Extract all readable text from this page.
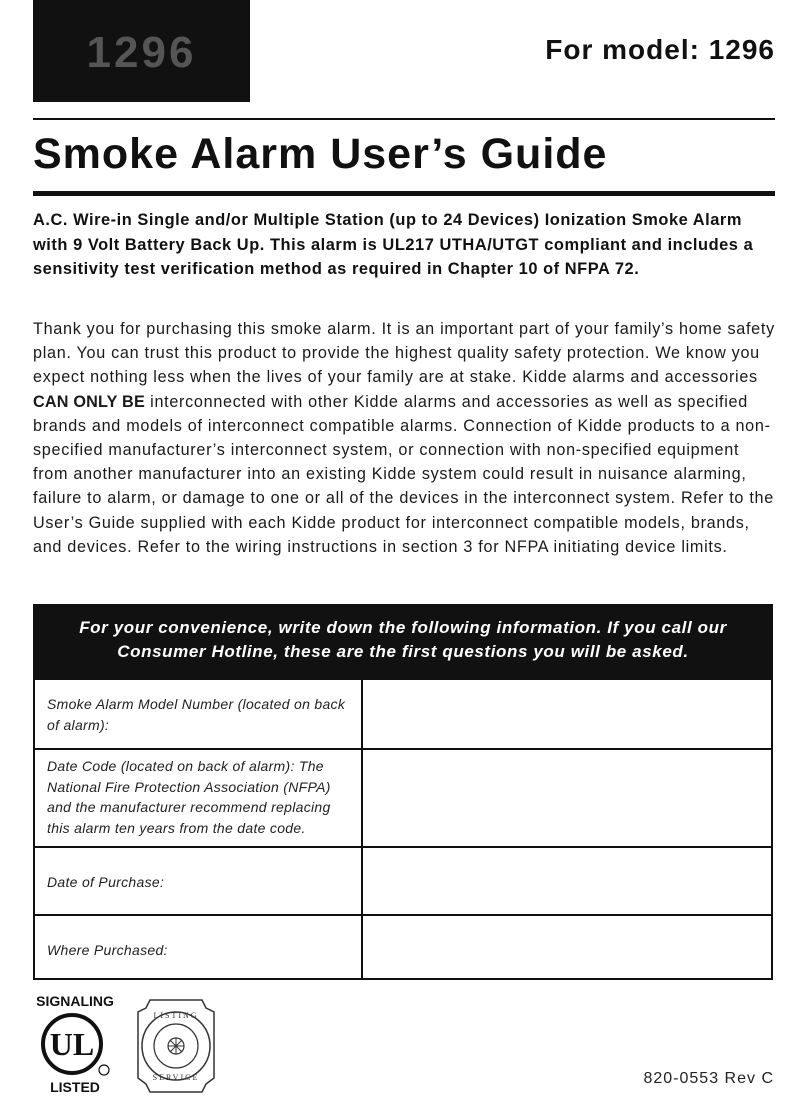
1296	For model: 1296
Smoke Alarm User’s Guide
A.C. Wire-in Single and/or Multiple Station (up to 24 Devices) Ionization Smoke Alarm with 9 Volt Battery Back Up. This alarm is UL217 UTHA/UTGT compliant and includes a sensitivity test verification method as required in Chapter 10 of NFPA 72.
Thank you for purchasing this smoke alarm. It is an important part of your family’s home safety plan. You can trust this product to provide the highest quality safety protection. We know you expect nothing less when the lives of your family are at stake. Kidde alarms and accessories CAN ONLY BE interconnected with other Kidde alarms and accessories as well as specified brands and models of interconnect compatible alarms. Connection of Kidde products to a non-specified manufacturer’s interconnect system, or connection with non-specified equipment from another manufacturer into an existing Kidde system could result in nuisance alarming, failure to alarm, or damage to one or all of the devices in the interconnect system. Refer to the User’s Guide supplied with each Kidde product for interconnect compatible models, brands, and devices. Refer to the wiring instructions in section 3 for NFPA initiating device limits.
For your convenience, write down the following information. If you call our Consumer Hotline, these are the first questions you will be asked.
Smoke Alarm Model Number (located on back of alarm):
Date Code (located on back of alarm): The National Fire Protection Association (NFPA) and the manufacturer recommend replacing this alarm ten years from the date code.
Date of Purchase:
Where Purchased:
SIGNALING
UL
LISTED
LISTING
SERVICE	820-0553 Rev C
